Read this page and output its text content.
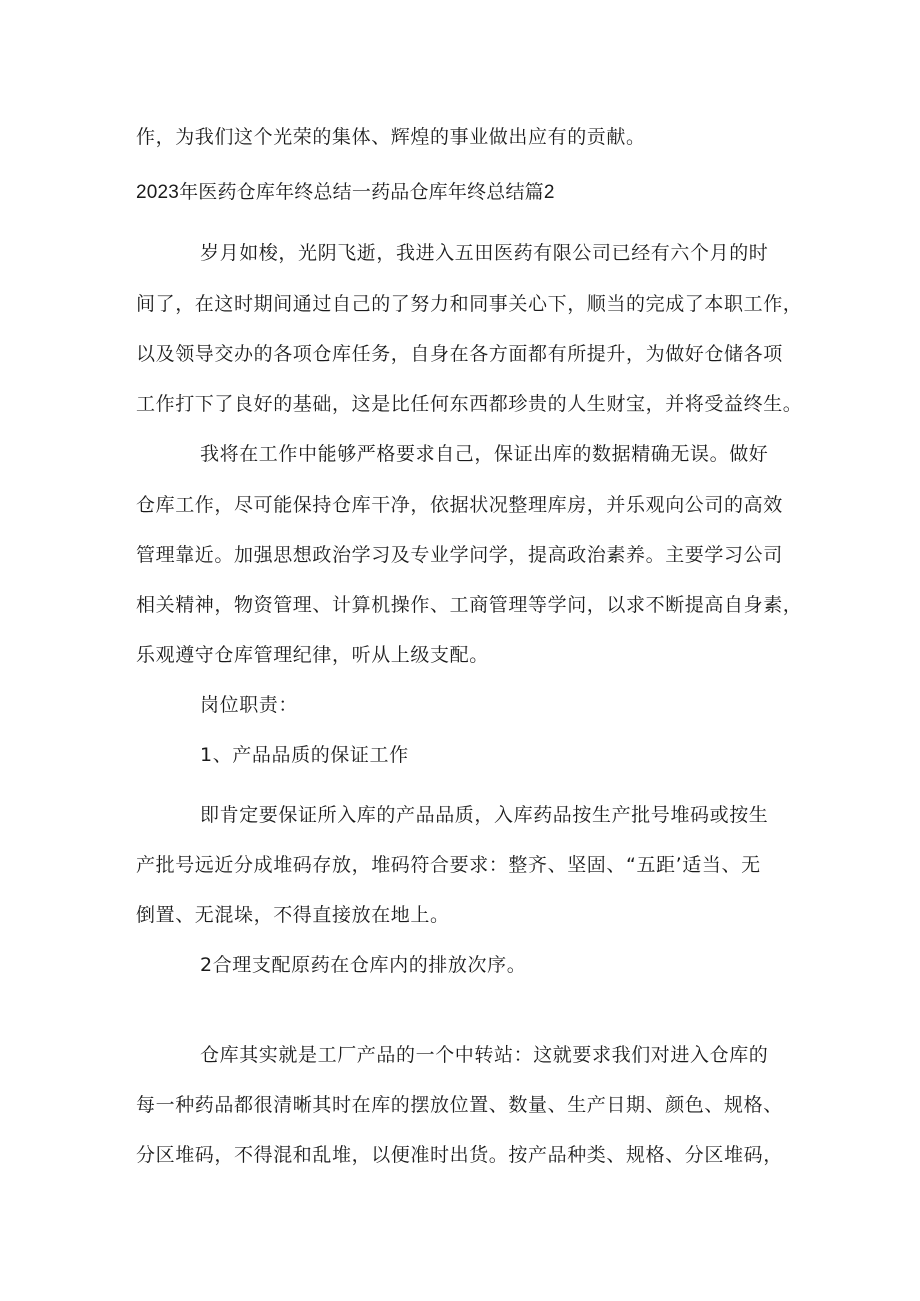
作，为我们这个光荣的集体、辉煌的事业做出应有的贡献。
2023年医药仓库年终总结一药品仓库年终总结篇2
岁月如梭，光阴飞逝，我进入五田医药有限公司已经有六个月的时
间了，在这时期间通过自己的了努力和同事关心下，顺当的完成了本职工作，
以及领导交办的各项仓库任务，自身在各方面都有所提升，为做好仓储各项
工作打下了良好的基础，这是比任何东西都珍贵的人生财宝，并将受益终生。
我将在工作中能够严格要求自己，保证出库的数据精确无误。做好
仓库工作，尽可能保持仓库干净，依据状况整理库房，并乐观向公司的高效
管理靠近。加强思想政治学习及专业学问学，提高政治素养。主要学习公司
相关精神，物资管理、计算机操作、工商管理等学问，以求不断提高自身素，
乐观遵守仓库管理纪律，听从上级支配。
岗位职责：
1、产品品质的保证工作
即肯定要保证所入库的产品品质，入库药品按生产批号堆码或按生
产批号远近分成堆码存放，堆码符合要求：整齐、坚固、“五距’适当、无
倒置、无混垛，不得直接放在地上。
2合理支配原药在仓库内的排放次序。
仓库其实就是工厂产品的一个中转站：这就要求我们对进入仓库的
每一种药品都很清晰其时在库的摆放位置、数量、生产日期、颜色、规格、
分区堆码，不得混和乱堆，以便准时出货。按产品种类、规格、分区堆码，
